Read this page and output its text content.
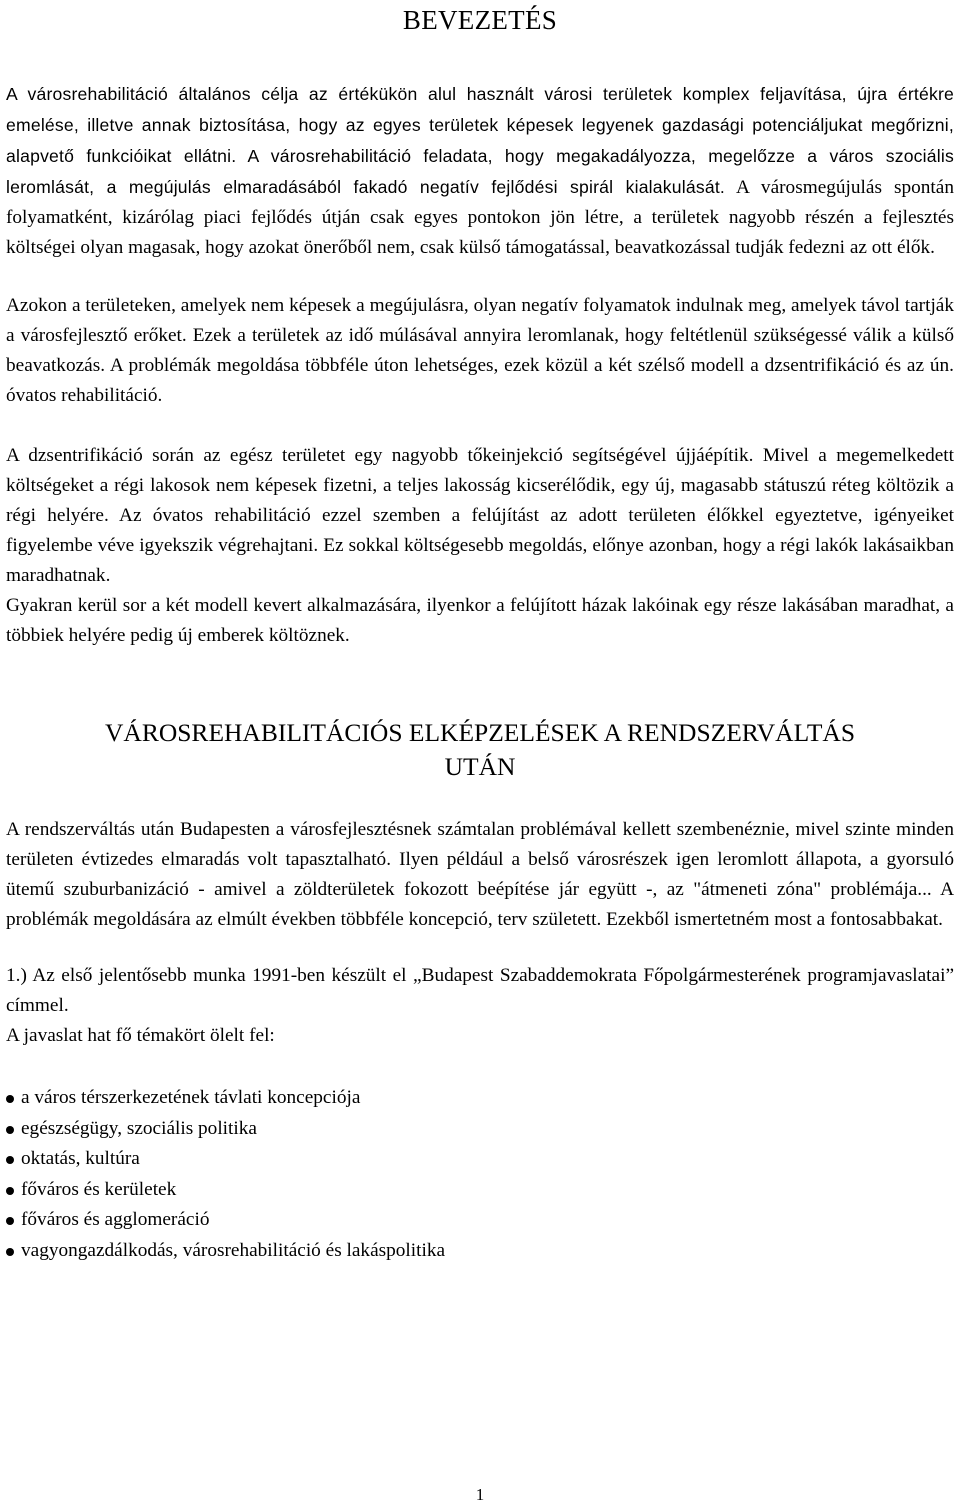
BEVEZETÉS

A városrehabilitáció általános célja az értékükön alul használt városi területek komplex feljavítása, újra értékre emelése, illetve annak biztosítása, hogy az egyes területek képesek legyenek gazdasági potenciáljukat megőrizni, alapvető funkcióikat ellátni. A városrehabilitáció feladata, hogy megakadályozza, megelőzze a város szociális leromlását, a megújulás elmaradásából fakadó negatív fejlődési spirál kialakulását. A városmegújulás spontán folyamatként, kizárólag piaci fejlődés útján csak egyes pontokon jön létre, a területek nagyobb részén a fejlesztés költségei olyan magasak, hogy azokat önerőből nem, csak külső támogatással, beavatkozással tudják fedezni az ott élők.

Azokon a területeken, amelyek nem képesek a megújulásra, olyan negatív folyamatok indulnak meg, amelyek távol tartják a városfejlesztő erőket. Ezek a területek az idő múlásával annyira leromlanak, hogy feltétlenül szükségessé válik a külső beavatkozás. A problémák megoldása többféle úton lehetséges, ezek közül a két szélső modell a dzsentrifikáció és az ún. óvatos rehabilitáció.

A dzsentrifikáció során az egész területet egy nagyobb tőkeinjekció segítségével újjáépítik. Mivel a megemelkedett költségeket a régi lakosok nem képesek fizetni, a teljes lakosság kicserélődik, egy új, magasabb státuszú réteg költözik a régi helyére. Az óvatos rehabilitáció ezzel szemben a felújítást az adott területen élőkkel egyeztetve, igényeiket figyelembe véve igyekszik végrehajtani. Ez sokkal költségesebb megoldás, előnye azonban, hogy a régi lakók lakásaikban maradhatnak.

Gyakran kerül sor a két modell kevert alkalmazására, ilyenkor a felújított házak lakóinak egy része lakásában maradhat, a többiek helyére pedig új emberek költöznek.

VÁROSREHABILITÁCIÓS ELKÉPZELÉSEK A RENDSZERVÁLTÁS
UTÁN

A rendszerváltás után Budapesten a városfejlesztésnek számtalan problémával kellett szembenéznie, mivel szinte minden területen évtizedes elmaradás volt tapasztalható. Ilyen például a belső városrészek igen leromlott állapota, a gyorsuló ütemű szuburbanizáció - amivel a zöldterületek fokozott beépítése jár együtt -, az "átmeneti zóna" problémája... A problémák megoldására az elmúlt években többféle koncepció, terv született. Ezekből ismertetném most a fontosabbakat.

1.) Az első jelentősebb munka 1991-ben készült el „Budapest Szabaddemokrata Főpolgármesterének programjavaslatai” címmel.

A javaslat hat fő témakört ölelt fel:

a város térszerkezetének távlati koncepciója
egészségügy, szociális politika
oktatás, kultúra
főváros és kerületek
főváros és agglomeráció
vagyongazdálkodás, városrehabilitáció és lakáspolitika
1
